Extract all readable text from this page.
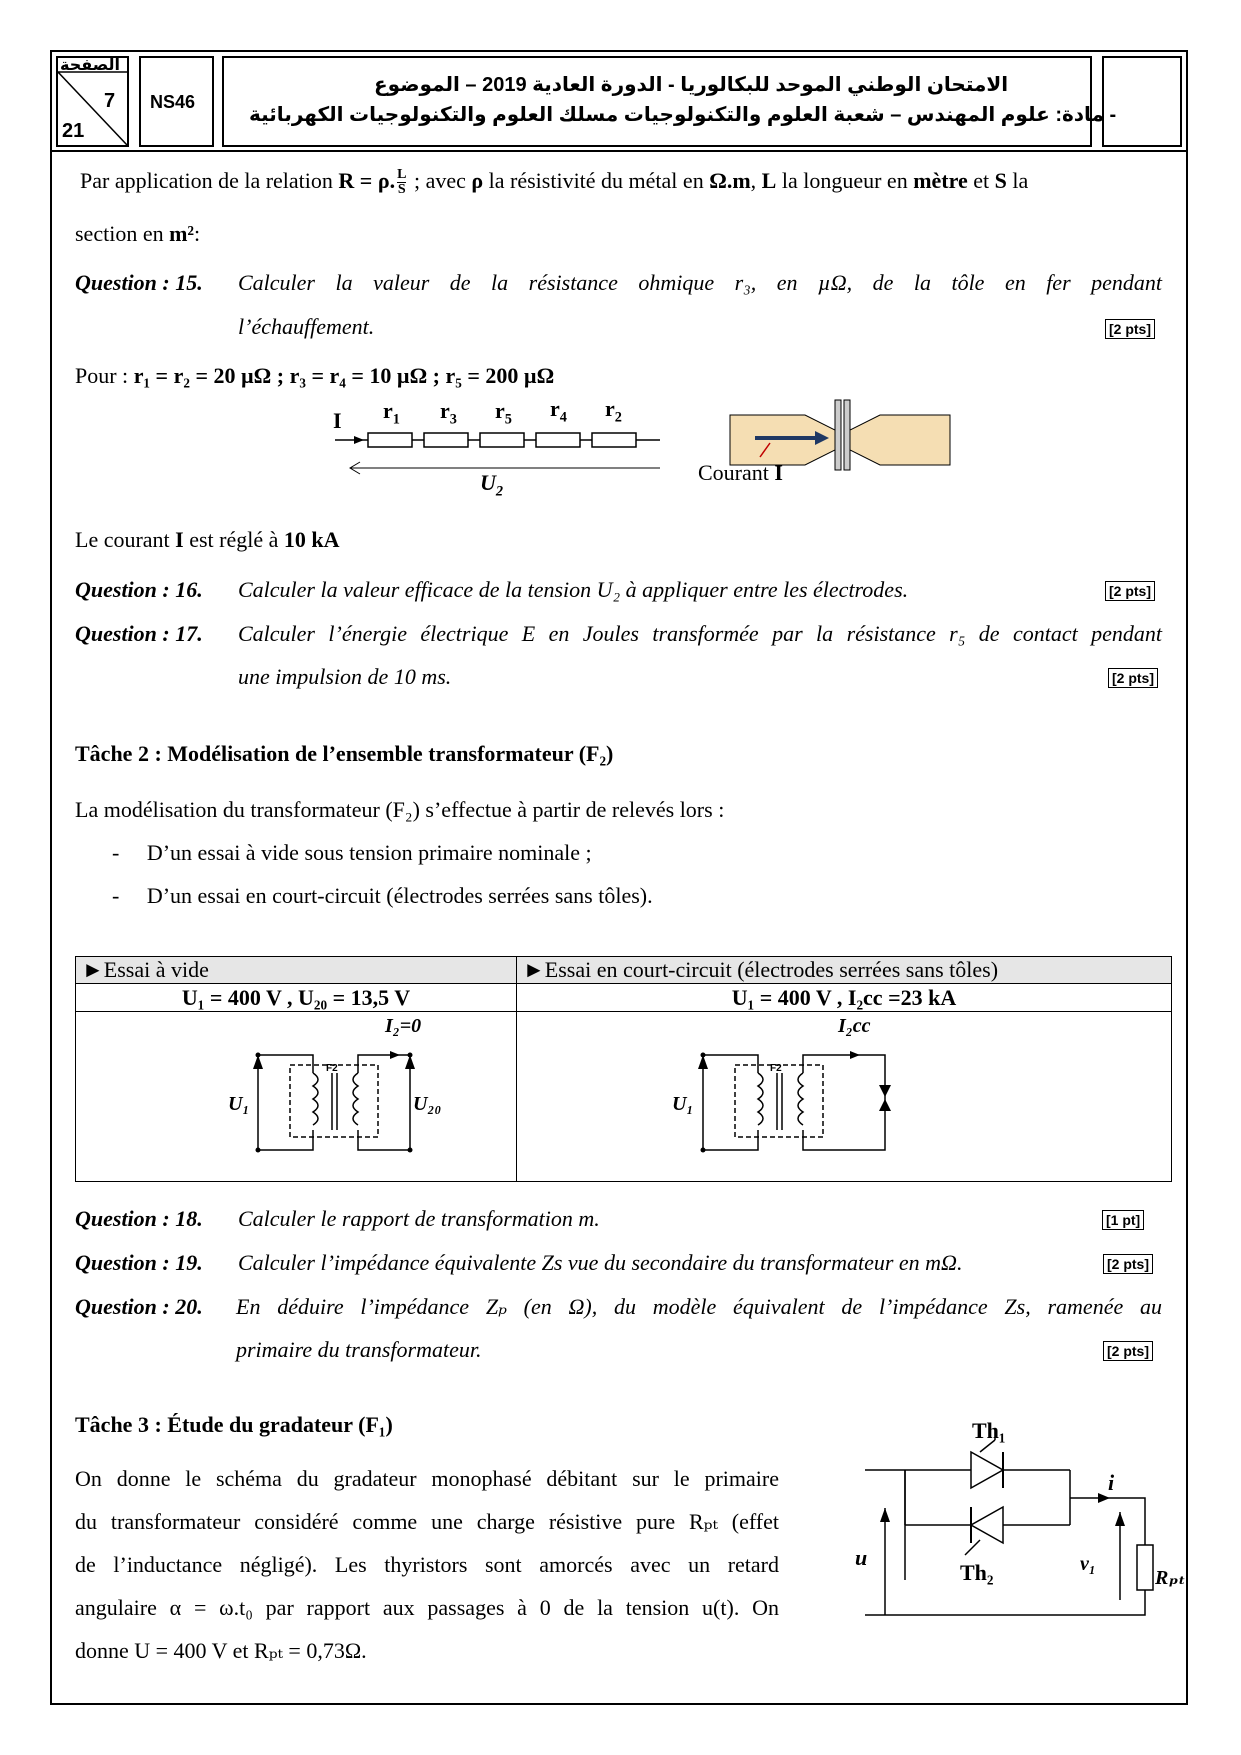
الصفحة
7
21
NS46
الامتحان الوطني الموحد للبكالوريا - الدورة العادية 2019 – الموضوع
- مادة: علوم المهندس – شعبة العلوم والتكنولوجيات مسلك العلوم والتكنولوجيات الكهربائية
Par application de la relation R = ρ. $\frac{L}{S}$ ; avec ρ la résistivité du métal en Ω.m, L la longueur en mètre et S la
section en m²:
Question : 15. Calculer la valeur de la résistance ohmique r₃, en µΩ, de la tôle en fer pendant
l’échauffement.	[2 pts]
Pour : r₁ = r₂ = 20 µΩ ; r₃ = r₄ = 10 µΩ ; r₅ = 200 µΩ
I $r_1$ $r_3$ $r_5$ $r_4$ $r_2$
$U_2$
Courant I
Le courant I est réglé à 10 kA
Question : 16. Calculer la valeur efficace de la tension U₂ à appliquer entre les électrodes.	[2 pts]
Question : 17. Calculer l’énergie électrique E en Joules transformée par la résistance r₅ de contact pendant
une impulsion de 10 ms.	[2 pts]
Tâche 2 : Modélisation de l’ensemble transformateur (F₂)
La modélisation du transformateur (F₂) s’effectue à partir de relevés lors :
-     D’un essai à vide sous tension primaire nominale ;
-     D’un essai en court-circuit (électrodes serrées sans tôles).
►Essai à vide	►Essai en court-circuit (électrodes serrées sans tôles)
U₁ = 400 V , U₂₀ = 13,5 V	U₁ = 400 V , I₂cc =23 kA

I₂=0
U₁	U₂₀
F2
I₂cc
U₁
F2
Question : 18. Calculer le rapport de transformation m.	[1 pt]
Question : 19. Calculer l’impédance équivalente Zs vue du secondaire du transformateur en mΩ.	[2 pts]
Question : 20. En déduire l’impédance Zₚ (en Ω), du modèle équivalent de l’impédance Zs, ramenée au
primaire du transformateur.	[2 pts]
Tâche 3 : Étude du gradateur (F₁)
On donne le schéma du gradateur monophasé débitant sur le primaire
du transformateur considéré comme une charge résistive pure Rₚₜ (effet
de l’inductance négligé). Les thyristors sont amorcés avec un retard
angulaire α = ω.t₀ par rapport aux passages à 0 de la tension u(t). On
donne U = 400 V et Rₚₜ = 0,73Ω.
Th₁
Th₂
u
i
v₁
Rₚₜ
